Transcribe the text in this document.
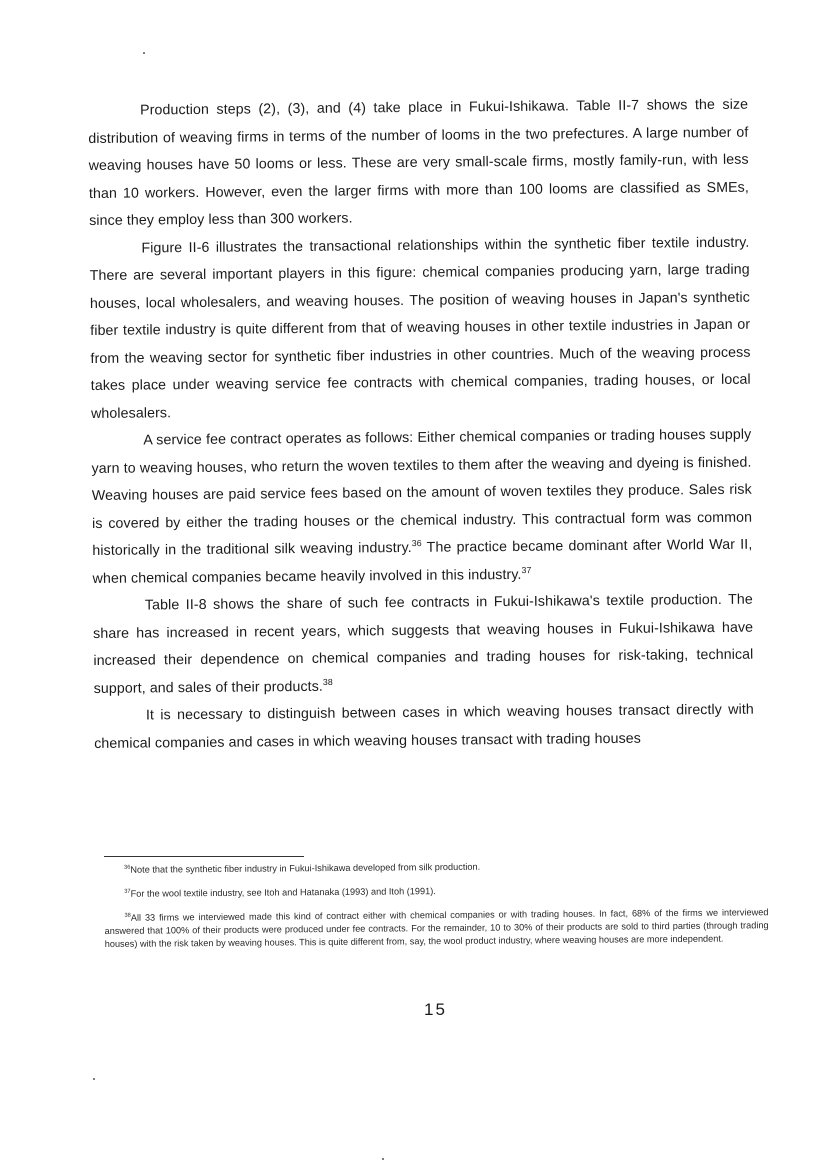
Production steps (2), (3), and (4) take place in Fukui-Ishikawa. Table II-7 shows the size distribution of weaving firms in terms of the number of looms in the two prefectures. A large number of weaving houses have 50 looms or less. These are very small-scale firms, mostly family-run, with less than 10 workers. However, even the larger firms with more than 100 looms are classified as SMEs, since they employ less than 300 workers.

Figure II-6 illustrates the transactional relationships within the synthetic fiber textile industry. There are several important players in this figure: chemical companies producing yarn, large trading houses, local wholesalers, and weaving houses. The position of weaving houses in Japan's synthetic fiber textile industry is quite different from that of weaving houses in other textile industries in Japan or from the weaving sector for synthetic fiber industries in other countries. Much of the weaving process takes place under weaving service fee contracts with chemical companies, trading houses, or local wholesalers.

A service fee contract operates as follows: Either chemical companies or trading houses supply yarn to weaving houses, who return the woven textiles to them after the weaving and dyeing is finished. Weaving houses are paid service fees based on the amount of woven textiles they produce. Sales risk is covered by either the trading houses or the chemical industry. This contractual form was common historically in the traditional silk weaving industry.$^{36}$ The practice became dominant after World War II, when chemical companies became heavily involved in this industry.$^{37}$

Table II-8 shows the share of such fee contracts in Fukui-Ishikawa's textile production. The share has increased in recent years, which suggests that weaving houses in Fukui-Ishikawa have increased their dependence on chemical companies and trading houses for risk-taking, technical support, and sales of their products.$^{38}$

It is necessary to distinguish between cases in which weaving houses transact directly with chemical companies and cases in which weaving houses transact with trading houses

$^{36}$Note that the synthetic fiber industry in Fukui-Ishikawa developed from silk production.

$^{37}$For the wool textile industry, see Itoh and Hatanaka (1993) and Itoh (1991).

$^{38}$All 33 firms we interviewed made this kind of contract either with chemical companies or with trading houses. In fact, 68% of the firms we interviewed answered that 100% of their products were produced under fee contracts. For the remainder, 10 to 30% of their products are sold to third parties (through trading houses) with the risk taken by weaving houses. This is quite different from, say, the wool product industry, where weaving houses are more independent.

15
